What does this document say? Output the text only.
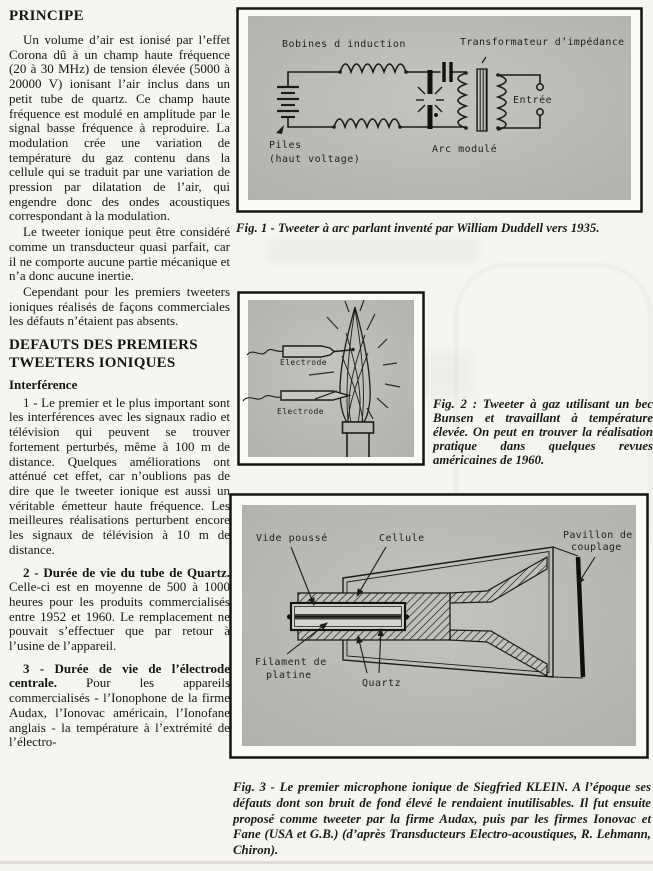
PRINCIPE

Un volume d’air est ionisé par l’effet Corona dû à un champ haute fréquence (20 à 30 MHz) de tension élevée (5000 à 20000 V) ionisant l’air inclus dans un petit tube de quartz. Ce champ haute fréquence est modulé en amplitude par le signal basse fréquence à reproduire. La modulation crée une variation de température du gaz contenu dans la cellule qui se traduit par une variation de pression par dilatation de l’air, qui engendre donc des ondes acoustiques correspondant à la modulation.

Le tweeter ionique peut être considéré comme un transducteur quasi parfait, car il ne comporte aucune partie mécanique et n’a donc aucune inertie.

Cependant pour les premiers tweeters ioniques réalisés de façons commerciales les défauts n’étaient pas absents.

DEFAUTS DES PREMIERS TWEETERS IONIQUES
Interférence

1 - Le premier et le plus important sont les interférences avec les signaux radio et télévision qui peuvent se trouver fortement perturbés, même à 100 m de distance. Quelques améliorations ont atténué cet effet, car n’oublions pas de dire que le tweeter ionique est aussi un véritable émetteur haute fréquence. Les meilleures réalisations perturbent encore les signaux de télévision à 10 m de distance.

2 - Durée de vie du tube de Quartz. Celle-ci est en moyenne de 500 à 1000 heures pour les produits commercialisés entre 1952 et 1960. Le remplacement ne pouvait s’effectuer que par retour à l’usine de l’appareil.

3 - Durée de vie de l’électrode centrale. Pour les appareils commercialisés - l’Ionophone de la firme Audax, l’Ionovac américain, l’Ionofane anglais - la température à l’extrémité de l’électro-

Bobines d induction	Transformateur d’impédance
Piles
(haut voltage)
Arc modulé
Entrée
Fig. 1 - Tweeter à arc parlant inventé par William Duddell vers 1935.
Electrode
Electrode
Fig. 2 : Tweeter à gaz utilisant un bec Bunsen et travaillant à température élevée. On peut en trouver la réalisation pratique dans quelques revues américaines de 1960.
Vide poussé	Cellule	Pavillon de
couplage
Filament de
platine
Quartz
Fig. 3 - Le premier microphone ionique de Siegfried KLEIN. A l’époque ses défauts dont son bruit de fond élevé le rendaient inutilisables. Il fut ensuite proposé comme tweeter par la firme Audax, puis par les firmes Ionovac et Fane (USA et G.B.) (d’après Transducteurs Electro-acoustiques, R. Lehmann, Chiron).
